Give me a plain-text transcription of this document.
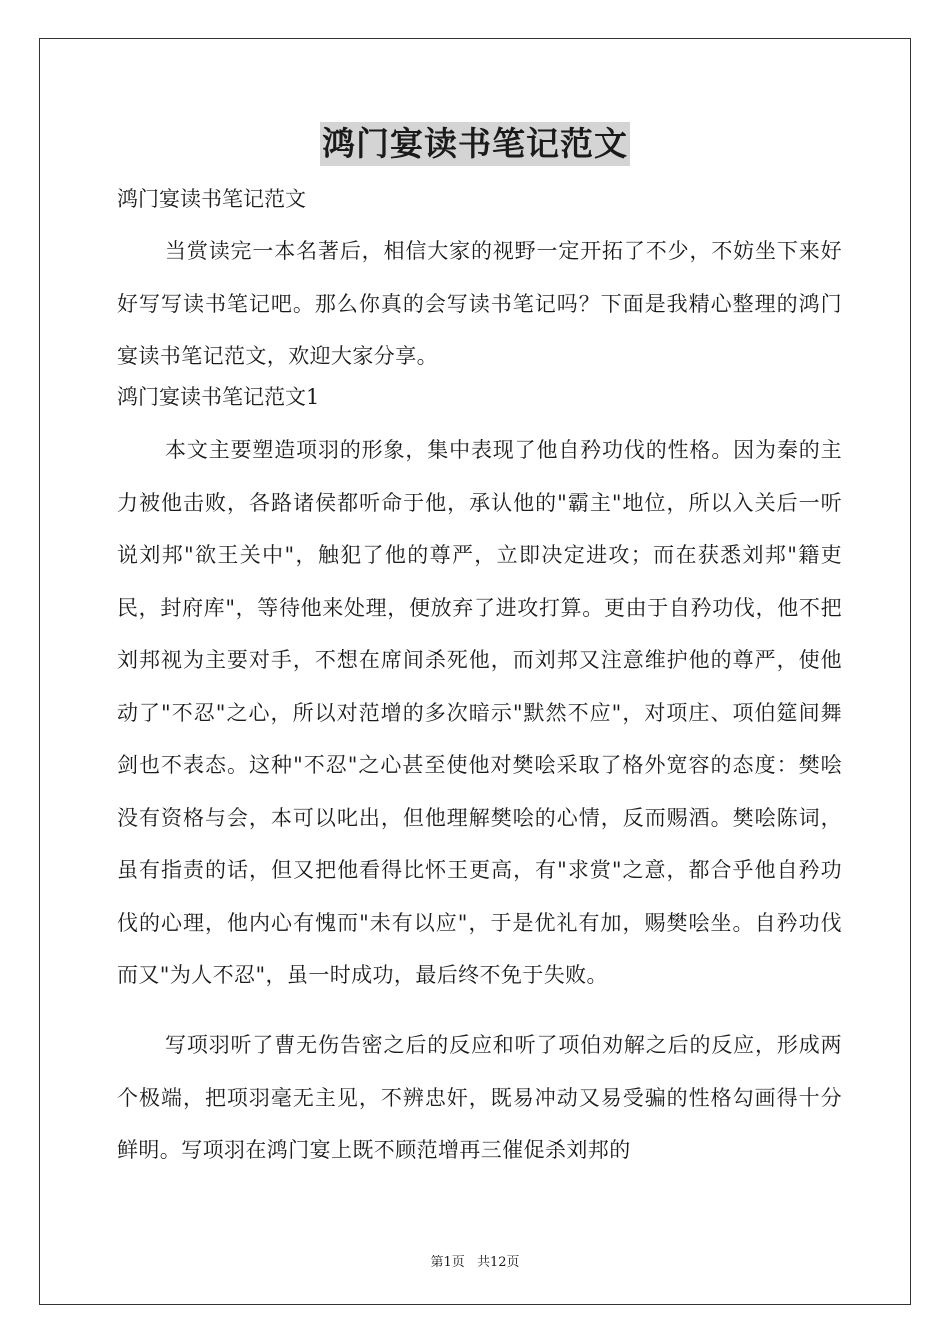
鸿门宴读书笔记范文
鸿门宴读书笔记范文

当赏读完一本名著后，相信大家的视野一定开拓了不少，不妨坐下来好好写写读书笔记吧。那么你真的会写读书笔记吗？下面是我精心整理的鸿门宴读书笔记范文，欢迎大家分享。

鸿门宴读书笔记范文1

本文主要塑造项羽的形象，集中表现了他自矜功伐的性格。因为秦的主力被他击败，各路诸侯都听命于他，承认他的"霸主"地位，所以入关后一听说刘邦"欲王关中"，触犯了他的尊严，立即决定进攻；而在获悉刘邦"籍吏民，封府库"，等待他来处理，便放弃了进攻打算。更由于自矜功伐，他不把刘邦视为主要对手，不想在席间杀死他，而刘邦又注意维护他的尊严，使他动了"不忍"之心，所以对范增的多次暗示"默然不应"，对项庄、项伯筵间舞剑也不表态。这种"不忍"之心甚至使他对樊哙采取了格外宽容的态度：樊哙没有资格与会，本可以叱出，但他理解樊哙的心情，反而赐酒。樊哙陈词，虽有指责的话，但又把他看得比怀王更高，有"求赏"之意，都合乎他自矜功伐的心理，他内心有愧而"未有以应"，于是优礼有加，赐樊哙坐。自矜功伐而又"为人不忍"，虽一时成功，最后终不免于失败。

写项羽听了曹无伤告密之后的反应和听了项伯劝解之后的反应，形成两个极端，把项羽毫无主见，不辨忠奸，既易冲动又易受骗的性格勾画得十分鲜明。写项羽在鸿门宴上既不顾范增再三催促杀刘邦的

第1页 共12页
